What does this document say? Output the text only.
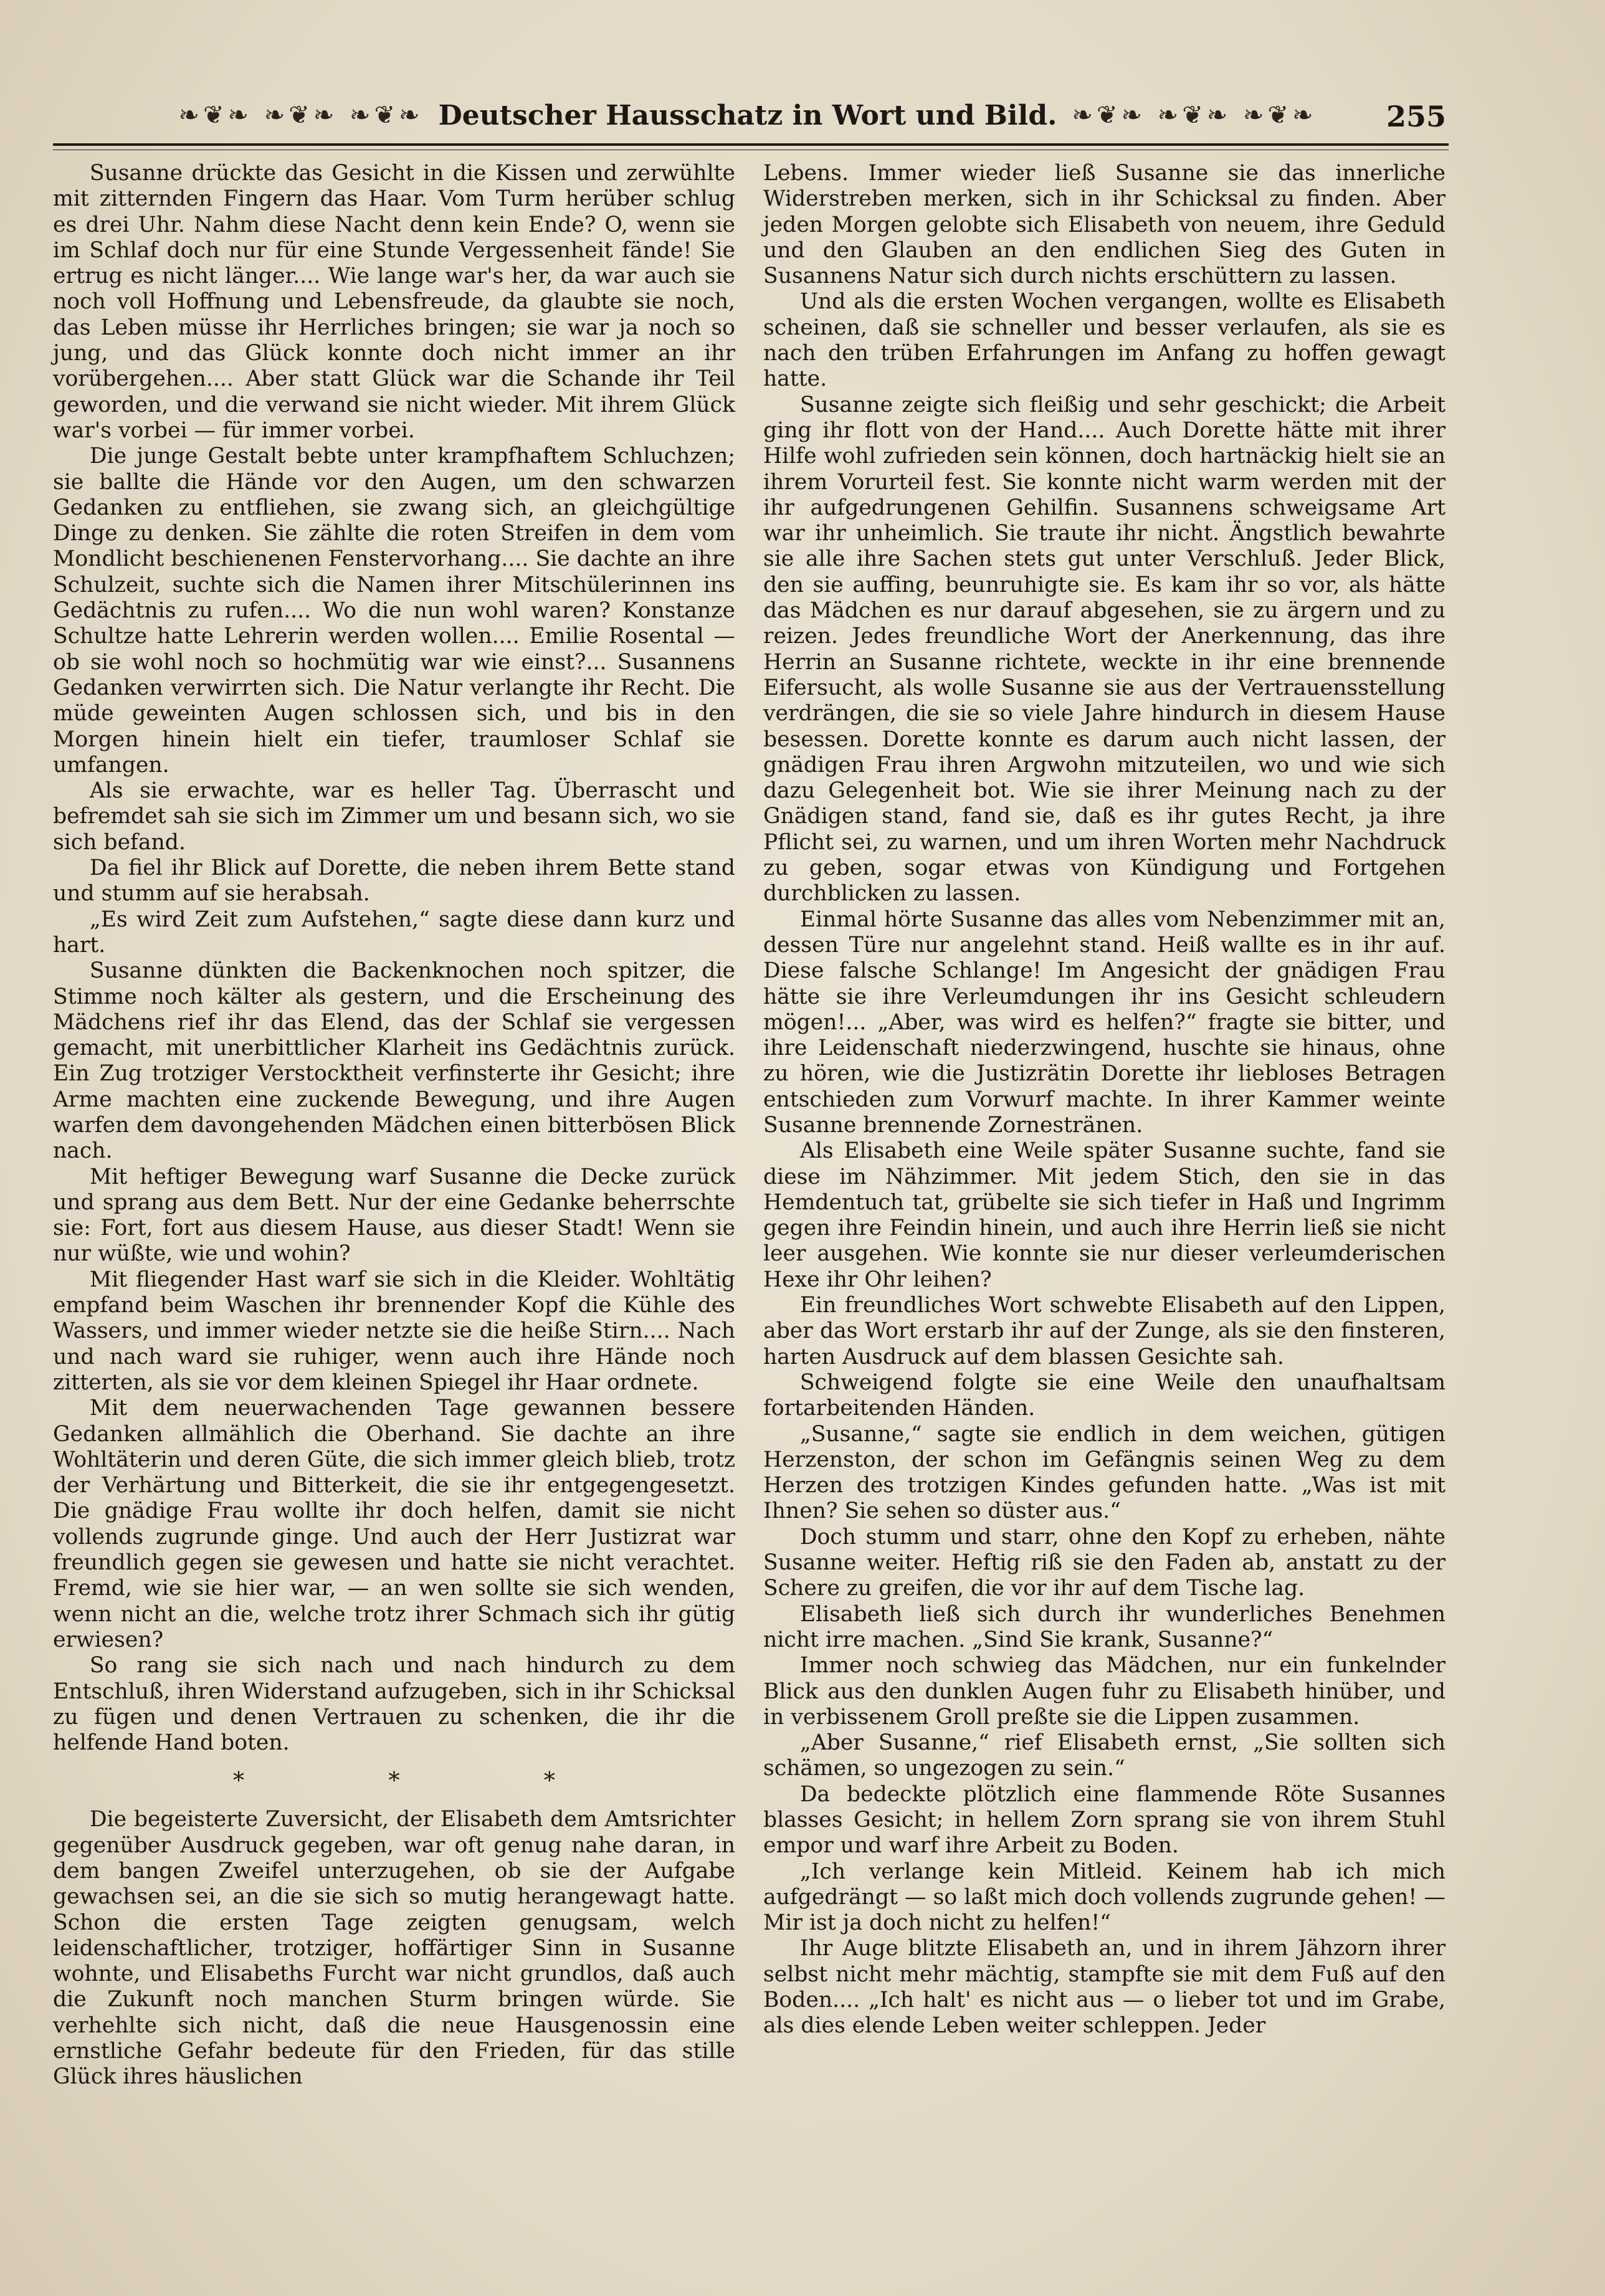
❧❦❧ ❧❦❧ ❧❦❧ Deutscher Hausschatz in Wort und Bild. ❧❦❧ ❧❦❧ ❧❦❧ 255

Susanne drückte das Gesicht in die Kissen und zerwühlte mit zitternden Fingern das Haar. Vom Turm herüber schlug es drei Uhr. Nahm diese Nacht denn kein Ende? O, wenn sie im Schlaf doch nur für eine Stunde Vergessenheit fände! Sie ertrug es nicht länger.... Wie lange war's her, da war auch sie noch voll Hoffnung und Lebensfreude, da glaubte sie noch, das Leben müsse ihr Herrliches bringen; sie war ja noch so jung, und das Glück konnte doch nicht immer an ihr vorübergehen.... Aber statt Glück war die Schande ihr Teil geworden, und die verwand sie nicht wieder. Mit ihrem Glück war's vorbei — für immer vorbei.

Die junge Gestalt bebte unter krampfhaftem Schluchzen; sie ballte die Hände vor den Augen, um den schwarzen Gedanken zu entfliehen, sie zwang sich, an gleichgültige Dinge zu denken. Sie zählte die roten Streifen in dem vom Mondlicht beschienenen Fenstervorhang.... Sie dachte an ihre Schulzeit, suchte sich die Namen ihrer Mitschülerinnen ins Gedächtnis zu rufen.... Wo die nun wohl waren? Konstanze Schultze hatte Lehrerin werden wollen.... Emilie Rosental — ob sie wohl noch so hochmütig war wie einst?... Susannens Gedanken verwirrten sich. Die Natur verlangte ihr Recht. Die müde geweinten Augen schlossen sich, und bis in den Morgen hinein hielt ein tiefer, traumloser Schlaf sie umfangen.

Als sie erwachte, war es heller Tag. Überrascht und befremdet sah sie sich im Zimmer um und besann sich, wo sie sich befand.

Da fiel ihr Blick auf Dorette, die neben ihrem Bette stand und stumm auf sie herabsah.

„Es wird Zeit zum Aufstehen,“ sagte diese dann kurz und hart.

Susanne dünkten die Backenknochen noch spitzer, die Stimme noch kälter als gestern, und die Erscheinung des Mädchens rief ihr das Elend, das der Schlaf sie vergessen gemacht, mit unerbittlicher Klarheit ins Gedächtnis zurück. Ein Zug trotziger Verstocktheit verfinsterte ihr Gesicht; ihre Arme machten eine zuckende Bewegung, und ihre Augen warfen dem davongehenden Mädchen einen bitterbösen Blick nach.

Mit heftiger Bewegung warf Susanne die Decke zurück und sprang aus dem Bett. Nur der eine Gedanke beherrschte sie: Fort, fort aus diesem Hause, aus dieser Stadt! Wenn sie nur wüßte, wie und wohin?

Mit fliegender Hast warf sie sich in die Kleider. Wohltätig empfand beim Waschen ihr brennender Kopf die Kühle des Wassers, und immer wieder netzte sie die heiße Stirn.... Nach und nach ward sie ruhiger, wenn auch ihre Hände noch zitterten, als sie vor dem kleinen Spiegel ihr Haar ordnete.

Mit dem neuerwachenden Tage gewannen bessere Gedanken allmählich die Oberhand. Sie dachte an ihre Wohltäterin und deren Güte, die sich immer gleich blieb, trotz der Verhärtung und Bitterkeit, die sie ihr entgegengesetzt. Die gnädige Frau wollte ihr doch helfen, damit sie nicht vollends zugrunde ginge. Und auch der Herr Justizrat war freundlich gegen sie gewesen und hatte sie nicht verachtet. Fremd, wie sie hier war, — an wen sollte sie sich wenden, wenn nicht an die, welche trotz ihrer Schmach sich ihr gütig erwiesen?

So rang sie sich nach und nach hindurch zu dem Entschluß, ihren Widerstand aufzugeben, sich in ihr Schicksal zu fügen und denen Vertrauen zu schenken, die ihr die helfende Hand boten.

* * *

Die begeisterte Zuversicht, der Elisabeth dem Amtsrichter gegenüber Ausdruck gegeben, war oft genug nahe daran, in dem bangen Zweifel unterzugehen, ob sie der Aufgabe gewachsen sei, an die sie sich so mutig herangewagt hatte. Schon die ersten Tage zeigten genugsam, welch leidenschaftlicher, trotziger, hoffärtiger Sinn in Susanne wohnte, und Elisabeths Furcht war nicht grundlos, daß auch die Zukunft noch manchen Sturm bringen würde. Sie verhehlte sich nicht, daß die neue Hausgenossin eine ernstliche Gefahr bedeute für den Frieden, für das stille Glück ihres häuslichen

Lebens. Immer wieder ließ Susanne sie das innerliche Widerstreben merken, sich in ihr Schicksal zu finden. Aber jeden Morgen gelobte sich Elisabeth von neuem, ihre Geduld und den Glauben an den endlichen Sieg des Guten in Susannens Natur sich durch nichts erschüttern zu lassen.

Und als die ersten Wochen vergangen, wollte es Elisabeth scheinen, daß sie schneller und besser verlaufen, als sie es nach den trüben Erfahrungen im Anfang zu hoffen gewagt hatte.

Susanne zeigte sich fleißig und sehr geschickt; die Arbeit ging ihr flott von der Hand.... Auch Dorette hätte mit ihrer Hilfe wohl zufrieden sein können, doch hartnäckig hielt sie an ihrem Vorurteil fest. Sie konnte nicht warm werden mit der ihr aufgedrungenen Gehilfin. Susannens schweigsame Art war ihr unheimlich. Sie traute ihr nicht. Ängstlich bewahrte sie alle ihre Sachen stets gut unter Verschluß. Jeder Blick, den sie auffing, beunruhigte sie. Es kam ihr so vor, als hätte das Mädchen es nur darauf abgesehen, sie zu ärgern und zu reizen. Jedes freundliche Wort der Anerkennung, das ihre Herrin an Susanne richtete, weckte in ihr eine brennende Eifersucht, als wolle Susanne sie aus der Vertrauensstellung verdrängen, die sie so viele Jahre hindurch in diesem Hause besessen. Dorette konnte es darum auch nicht lassen, der gnädigen Frau ihren Argwohn mitzuteilen, wo und wie sich dazu Gelegenheit bot. Wie sie ihrer Meinung nach zu der Gnädigen stand, fand sie, daß es ihr gutes Recht, ja ihre Pflicht sei, zu warnen, und um ihren Worten mehr Nachdruck zu geben, sogar etwas von Kündigung und Fortgehen durchblicken zu lassen.

Einmal hörte Susanne das alles vom Nebenzimmer mit an, dessen Türe nur angelehnt stand. Heiß wallte es in ihr auf. Diese falsche Schlange! Im Angesicht der gnädigen Frau hätte sie ihre Verleumdungen ihr ins Gesicht schleudern mögen!... „Aber, was wird es helfen?“ fragte sie bitter, und ihre Leidenschaft niederzwingend, huschte sie hinaus, ohne zu hören, wie die Justizrätin Dorette ihr liebloses Betragen entschieden zum Vorwurf machte. In ihrer Kammer weinte Susanne brennende Zornestränen.

Als Elisabeth eine Weile später Susanne suchte, fand sie diese im Nähzimmer. Mit jedem Stich, den sie in das Hemdentuch tat, grübelte sie sich tiefer in Haß und Ingrimm gegen ihre Feindin hinein, und auch ihre Herrin ließ sie nicht leer ausgehen. Wie konnte sie nur dieser verleumderischen Hexe ihr Ohr leihen?

Ein freundliches Wort schwebte Elisabeth auf den Lippen, aber das Wort erstarb ihr auf der Zunge, als sie den finsteren, harten Ausdruck auf dem blassen Gesichte sah.

Schweigend folgte sie eine Weile den unaufhaltsam fortarbeitenden Händen.

„Susanne,“ sagte sie endlich in dem weichen, gütigen Herzenston, der schon im Gefängnis seinen Weg zu dem Herzen des trotzigen Kindes gefunden hatte. „Was ist mit Ihnen? Sie sehen so düster aus.“

Doch stumm und starr, ohne den Kopf zu erheben, nähte Susanne weiter. Heftig riß sie den Faden ab, anstatt zu der Schere zu greifen, die vor ihr auf dem Tische lag.

Elisabeth ließ sich durch ihr wunderliches Benehmen nicht irre machen. „Sind Sie krank, Susanne?“

Immer noch schwieg das Mädchen, nur ein funkelnder Blick aus den dunklen Augen fuhr zu Elisabeth hinüber, und in verbissenem Groll preßte sie die Lippen zusammen.

„Aber Susanne,“ rief Elisabeth ernst, „Sie sollten sich schämen, so ungezogen zu sein.“

Da bedeckte plötzlich eine flammende Röte Susannes blasses Gesicht; in hellem Zorn sprang sie von ihrem Stuhl empor und warf ihre Arbeit zu Boden.

„Ich verlange kein Mitleid. Keinem hab ich mich aufgedrängt — so laßt mich doch vollends zugrunde gehen! — Mir ist ja doch nicht zu helfen!“

Ihr Auge blitzte Elisabeth an, und in ihrem Jähzorn ihrer selbst nicht mehr mächtig, stampfte sie mit dem Fuß auf den Boden.... „Ich halt' es nicht aus — o lieber tot und im Grabe, als dies elende Leben weiter schleppen. Jeder
